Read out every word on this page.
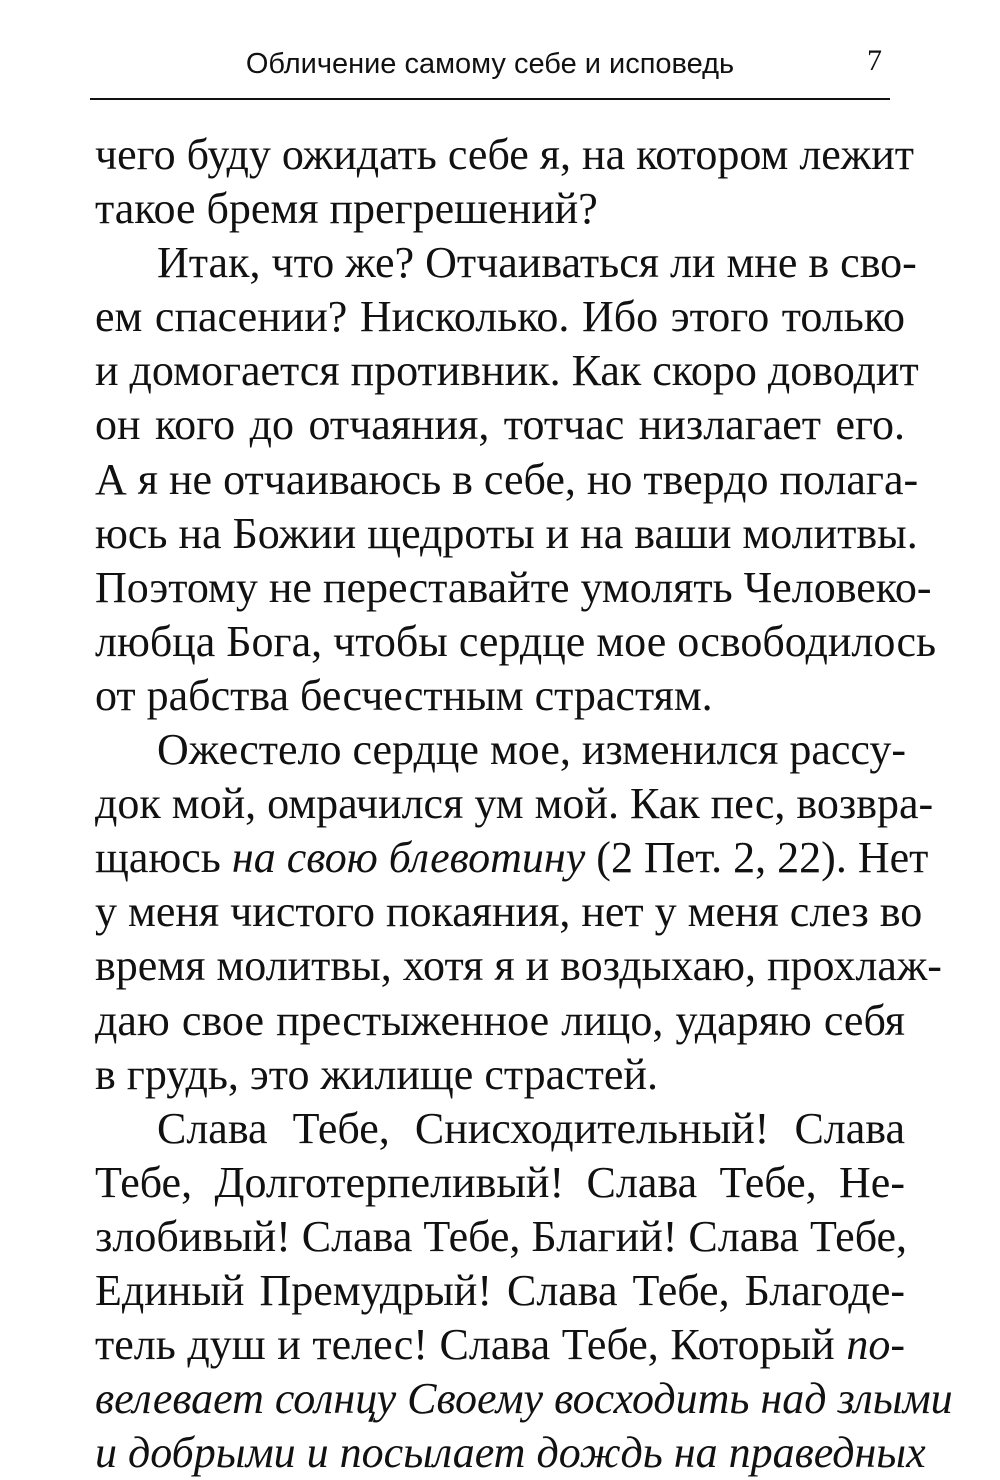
Обличение самому себе и исповедь	7
чего буду ожидать себе я, на котором лежит
такое бремя прегрешений?
Итак, что же? Отчаиваться ли мне в сво-
ем спасении? Нисколько. Ибо этого только
и домогается противник. Как скоро доводит
он кого до отчаяния, тотчас низлагает его.
А я не отчаиваюсь в себе, но твердо полага-
юсь на Божии щедроты и на ваши молитвы.
Поэтому не переставайте умолять Человеко-
любца Бога, чтобы сердце мое освободилось
от рабства бесчестным страстям.
Ожестело сердце мое, изменился рассу-
док мой, омрачился ум мой. Как пес, возвра-
щаюсь на свою блевотину (2 Пет. 2, 22). Нет
у меня чистого покаяния, нет у меня слез во
время молитвы, хотя я и воздыхаю, прохлаж-
даю свое престыженное лицо, ударяю себя
в грудь, это жилище страстей.
Слава Тебе, Снисходительный! Слава
Тебе, Долготерпеливый! Слава Тебе, Не-
злобивый! Слава Тебе, Благий! Слава Тебе,
Единый Премудрый! Слава Тебе, Благоде-
тель душ и телес! Слава Тебе, Который по-
велевает солнцу Своему восходить над злыми
и добрыми и посылает дождь на праведных
